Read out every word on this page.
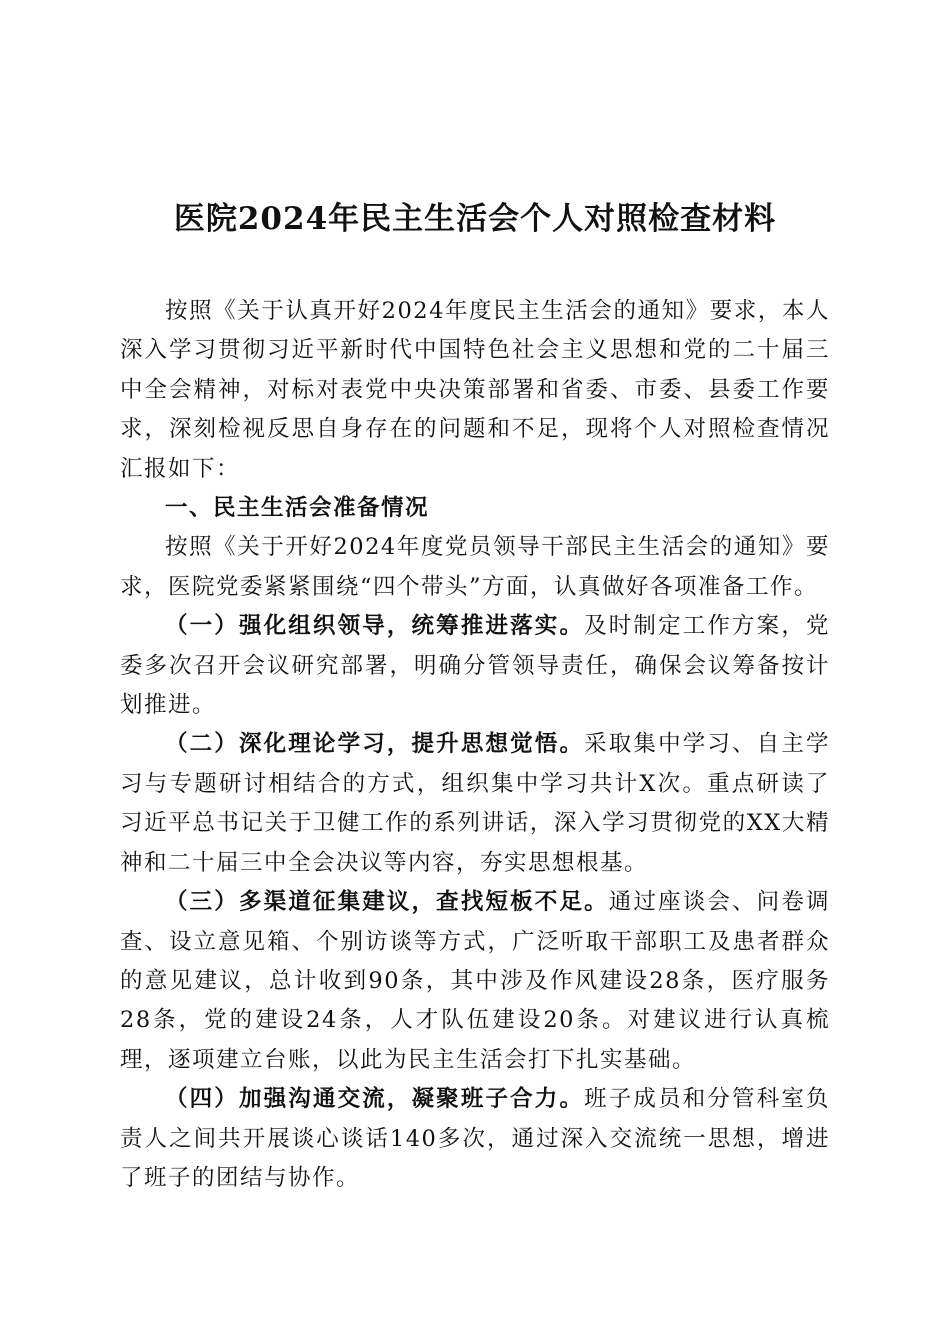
医院2024年民主生活会个人对照检查材料

按照《关于认真开好2024年度民主生活会的通知》要求，本人深入学习贯彻习近平新时代中国特色社会主义思想和党的二十届三中全会精神，对标对表党中央决策部署和省委、市委、县委工作要求，深刻检视反思自身存在的问题和不足，现将个人对照检查情况汇报如下：

一、民主生活会准备情况

按照《关于开好2024年度党员领导干部民主生活会的通知》要求，医院党委紧紧围绕“四个带头”方面，认真做好各项准备工作。

（一）强化组织领导，统筹推进落实。及时制定工作方案，党委多次召开会议研究部署，明确分管领导责任，确保会议筹备按计划推进。

（二）深化理论学习，提升思想觉悟。采取集中学习、自主学习与专题研讨相结合的方式，组织集中学习共计X次。重点研读了习近平总书记关于卫健工作的系列讲话，深入学习贯彻党的XX大精神和二十届三中全会决议等内容，夯实思想根基。

（三）多渠道征集建议，查找短板不足。通过座谈会、问卷调查、设立意见箱、个别访谈等方式，广泛听取干部职工及患者群众的意见建议，总计收到90条，其中涉及作风建设28条，医疗服务28条，党的建设24条，人才队伍建设20条。对建议进行认真梳理，逐项建立台账，以此为民主生活会打下扎实基础。

（四）加强沟通交流，凝聚班子合力。班子成员和分管科室负责人之间共开展谈心谈话140多次，通过深入交流统一思想，增进了班子的团结与协作。
